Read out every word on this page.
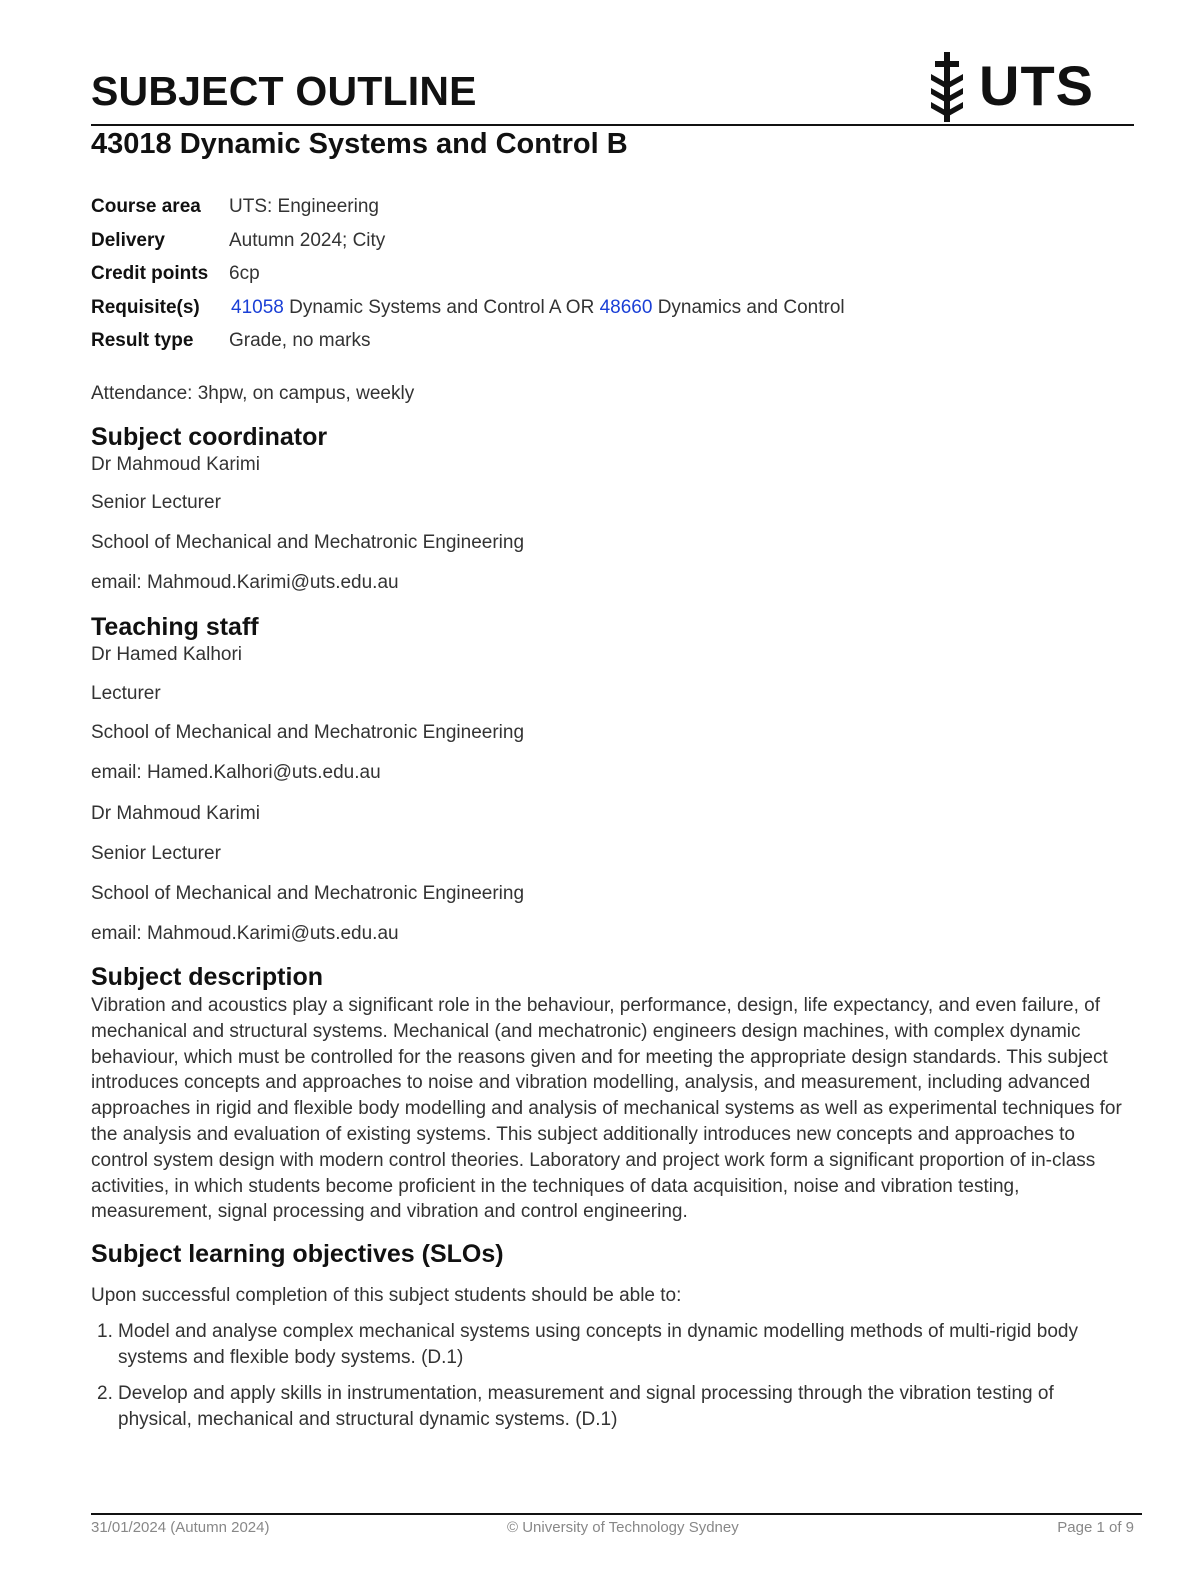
SUBJECT OUTLINE	UTS
43018 Dynamic Systems and Control B
Course area UTS: Engineering
Delivery	Autumn 2024; City
Credit points 6cp
Requisite(s) 41058 Dynamic Systems and Control A OR 48660 Dynamics and Control
Result type Grade, no marks
Attendance: 3hpw, on campus, weekly
Subject coordinator
Dr Mahmoud Karimi
Senior Lecturer
School of Mechanical and Mechatronic Engineering
email: Mahmoud.Karimi@uts.edu.au
Teaching staff
Dr Hamed Kalhori
Lecturer
School of Mechanical and Mechatronic Engineering
email: Hamed.Kalhori@uts.edu.au
Dr Mahmoud Karimi
Senior Lecturer
School of Mechanical and Mechatronic Engineering
email: Mahmoud.Karimi@uts.edu.au
Subject description

Vibration and acoustics play a significant role in the behaviour, performance, design, life expectancy, and even failure, of mechanical and structural systems. Mechanical (and mechatronic) engineers design machines, with complex dynamic behaviour, which must be controlled for the reasons given and for meeting the appropriate design standards. This subject introduces concepts and approaches to noise and vibration modelling, analysis, and measurement, including advanced approaches in rigid and flexible body modelling and analysis of mechanical systems as well as experimental techniques for the analysis and evaluation of existing systems. This subject additionally introduces new concepts and approaches to control system design with modern control theories. Laboratory and project work form a significant proportion of in-class activities, in which students become proficient in the techniques of data acquisition, noise and vibration testing, measurement, signal processing and vibration and control engineering.

Subject learning objectives (SLOs)
Upon successful completion of this subject students should be able to:
1. Model and analyse complex mechanical systems using concepts in dynamic modelling methods of multi-rigid body systems and flexible body systems. (D.1)
2. Develop and apply skills in instrumentation, measurement and signal processing through the vibration testing of physical, mechanical and structural dynamic systems. (D.1)
31/01/2024 (Autumn 2024)	© University of Technology Sydney	Page 1 of 9
